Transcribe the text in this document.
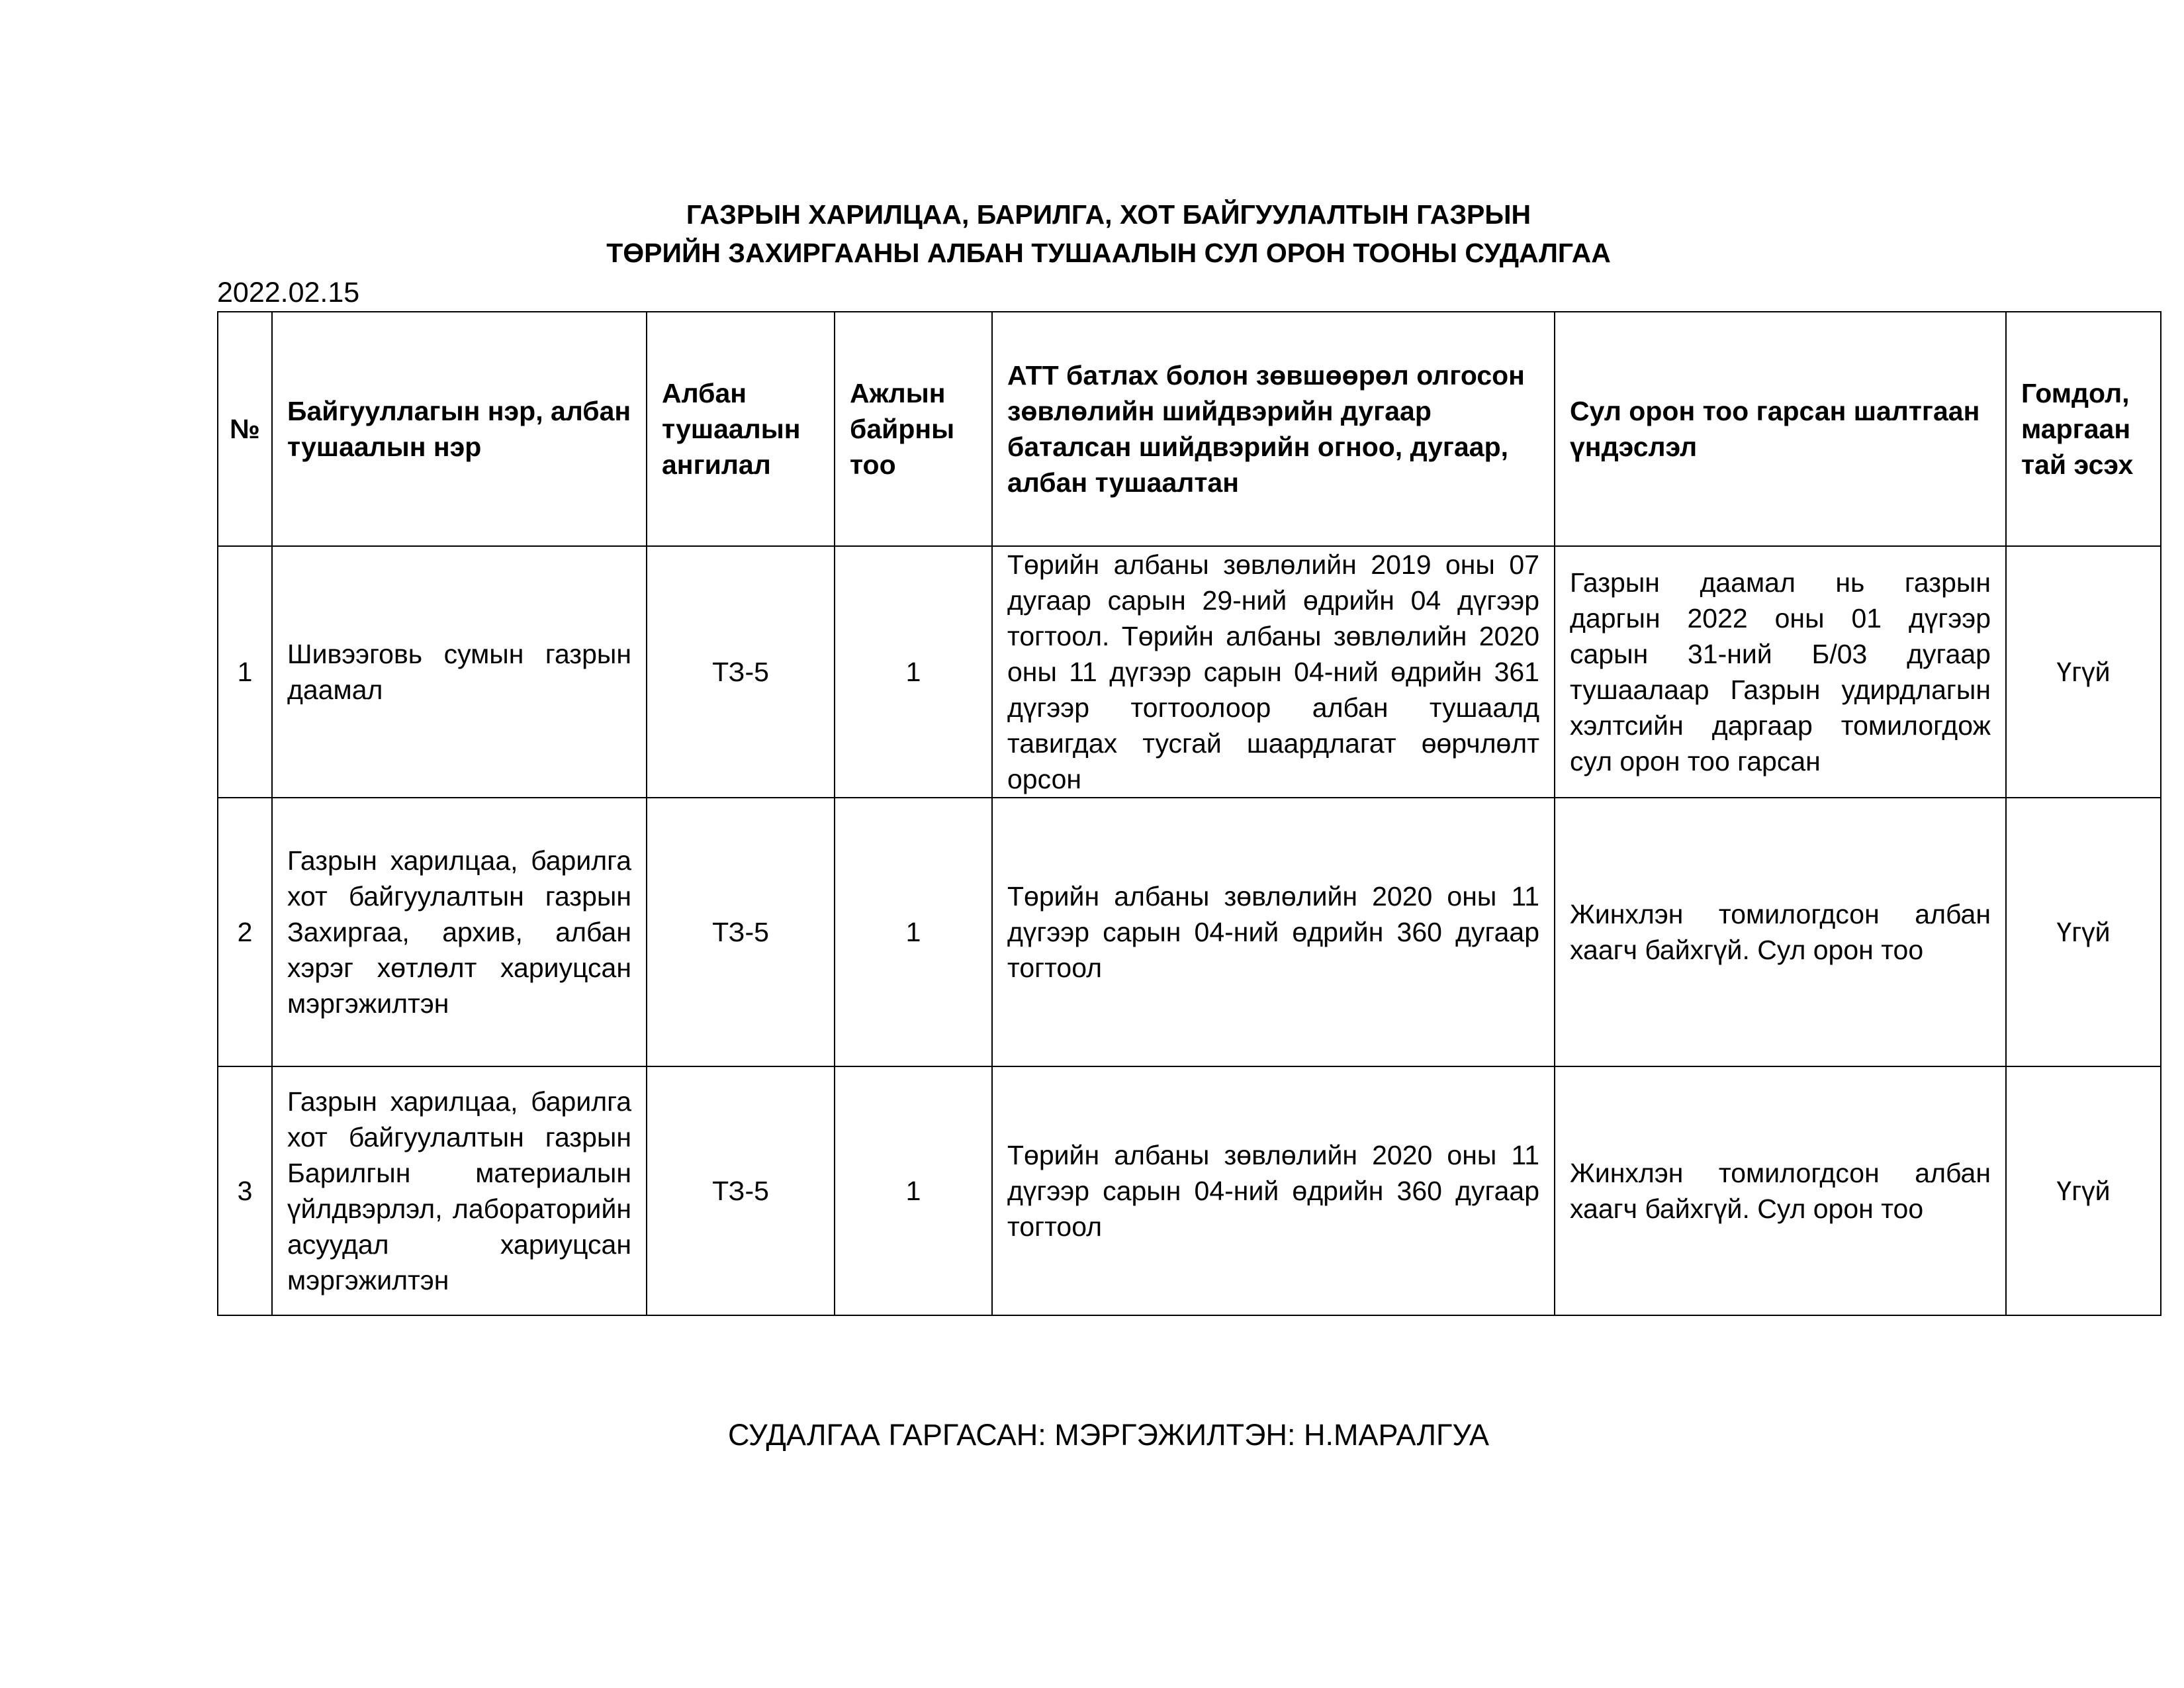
ГАЗРЫН ХАРИЛЦАА, БАРИЛГА, ХОТ БАЙГУУЛАЛТЫН ГАЗРЫН
ТӨРИЙН ЗАХИРГААНЫ АЛБАН ТУШААЛЫН СУЛ ОРОН ТООНЫ СУДАЛГАА
2022.02.15
№	Байгууллагын нэр, албан тушаалын нэр	Албан тушаалын ангилал	Ажлын байрны тоо	АТТ батлах болон зөвшөөрөл олгосон зөвлөлийн шийдвэрийн дугаар баталсан шийдвэрийн огноо, дугаар, албан тушаалтан	Сул орон тоо гарсан шалтгаан үндэслэл	Гомдол, маргаан тай эсэх
1	Шивээговь сумын газрын даамал	ТЗ-5	1	Төрийн албаны зөвлөлийн 2019 оны 07 дугаар сарын 29-ний өдрийн 04 дүгээр тогтоол. Төрийн албаны зөвлөлийн 2020 оны 11 дүгээр сарын 04-ний өдрийн 361 дүгээр тогтоолоор албан тушаалд тавигдах тусгай шаардлагат өөрчлөлт орсон	Газрын даамал нь газрын даргын 2022 оны 01 дүгээр сарын 31-ний Б/03 дугаар тушаалаар Газрын удирдлагын хэлтсийн даргаар томилогдож сул орон тоо гарсан	Үгүй
2	Газрын харилцаа, барилга хот байгуулалтын газрын Захиргаа, архив, албан хэрэг хөтлөлт хариуцсан мэргэжилтэн	ТЗ-5	1	Төрийн албаны зөвлөлийн 2020 оны 11 дүгээр сарын 04-ний өдрийн 360 дугаар тогтоол	Жинхлэн томилогдсон албан хаагч байхгүй. Сул орон тоо	Үгүй
3	Газрын харилцаа, барилга хот байгуулалтын газрын Барилгын материалын үйлдвэрлэл, лабораторийн асуудал хариуцсан мэргэжилтэн	ТЗ-5	1	Төрийн албаны зөвлөлийн 2020 оны 11 дүгээр сарын 04-ний өдрийн 360 дугаар тогтоол	Жинхлэн томилогдсон албан хаагч байхгүй. Сул орон тоо	Үгүй
СУДАЛГАА ГАРГАСАН: МЭРГЭЖИЛТЭН: Н.МАРАЛГУА
